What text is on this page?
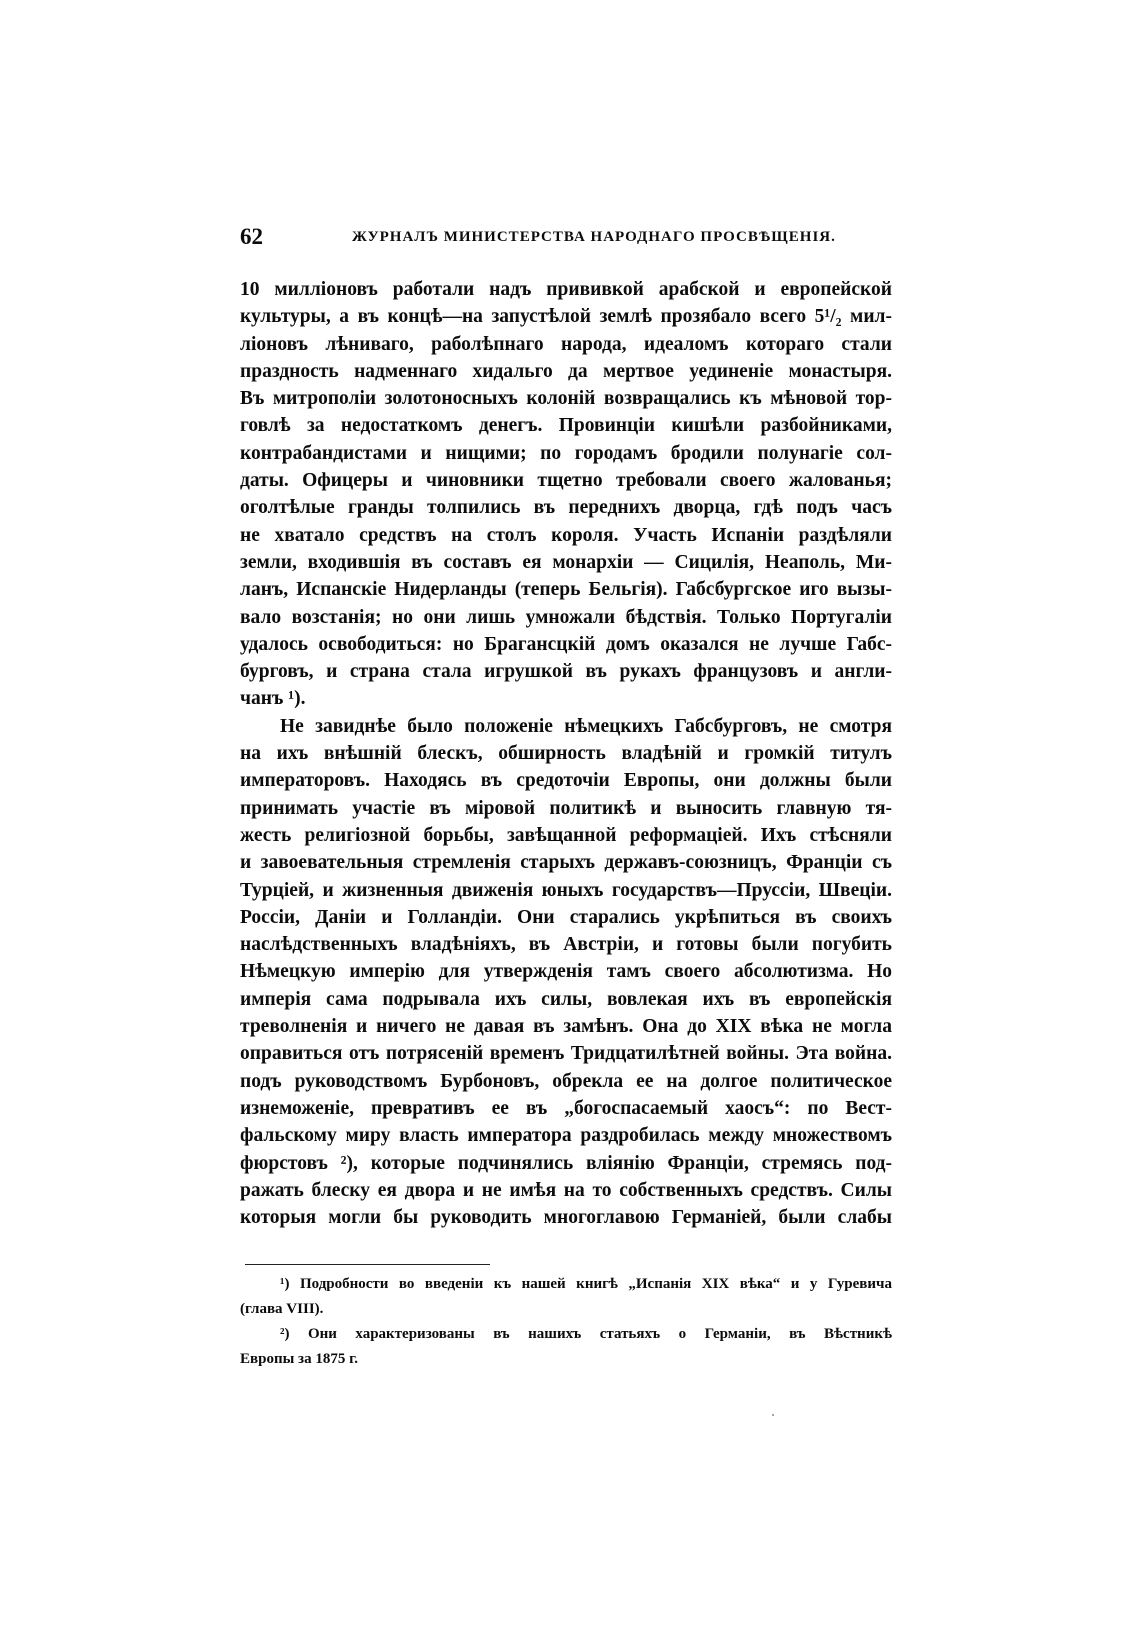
62	ЖУРНАЛЪ МИНИСТЕРСТВА НАРОДНАГО ПРОСВѢЩЕНІЯ.
10 милліоновъ работали надъ прививкой арабской и европейской
культуры, а въ концѣ—на запустѣлой землѣ прозябало всего 5¹/₂ мил-
ліоновъ лѣниваго, раболѣпнаго народа, идеаломъ котораго стали
праздность надменнаго хидальго да мертвое уединеніе монастыря.
Въ митрополіи золотоносныхъ колоній возвращались къ мѣновой тор-
говлѣ за недостаткомъ денегъ. Провинціи кишѣли разбойниками,
контрабандистами и нищими; по городамъ бродили полунагіе сол-
даты. Офицеры и чиновники тщетно требовали своего жалованья;
оголтѣлые гранды толпились въ переднихъ дворца, гдѣ подъ часъ
не хватало средствъ на столъ короля. Участь Испаніи раздѣляли
земли, входившія въ составъ ея монархіи — Сицилія, Неаполь, Ми-
ланъ, Испанскіе Нидерланды (теперь Бельгія). Габсбургское иго вызы-
вало возстанія; но они лишь умножали бѣдствія. Только Португаліи
удалось освободиться: но Брагансцкій домъ оказался не лучше Габс-
бурговъ, и страна стала игрушкой въ рукахъ французовъ и англи-
чанъ ¹).
Не завиднѣе было положеніе нѣмецкихъ Габсбурговъ, не смотря
на ихъ внѣшній блескъ, обширность владѣній и громкій титулъ
императоровъ. Находясь въ средоточіи Европы, они должны были
принимать участіе въ міровой политикѣ и выносить главную тя-
жесть религіозной борьбы, завѣщанной реформаціей. Ихъ стѣсняли
и завоевательныя стремленія старыхъ державъ-союзницъ, Франціи съ
Турціей, и жизненныя движенія юныхъ государствъ—Пруссіи, Швеціи.
Россіи, Даніи и Голландіи. Они старались укрѣпиться въ своихъ
наслѣдственныхъ владѣніяхъ, въ Австріи, и готовы были погубить
Нѣмецкую имперію для утвержденія тамъ своего абсолютизма. Но
имперія сама подрывала ихъ силы, вовлекая ихъ въ европейскія
треволненія и ничего не давая въ замѣнъ. Она до XIX вѣка не могла
оправиться отъ потрясеній временъ Тридцатилѣтней войны. Эта война.
подъ руководствомъ Бурбоновъ, обрекла ее на долгое политическое
изнеможеніе, превративъ ее въ „богоспасаемый хаосъ“: по Вест-
фальскому миру власть императора раздробилась между множествомъ
фюрстовъ ²), которые подчинялись вліянію Франціи, стремясь под-
ражать блеску ея двора и не имѣя на то собственныхъ средствъ. Силы
которыя могли бы руководить многоглавою Германіей, были слабы
¹) Подробности во введеніи къ нашей книгѣ „Испанія XIX вѣка“ и у Гуревича
(глава VIII).
²) Они характеризованы въ нашихъ статьяхъ о Германіи, въ Вѣстникѣ
Европы за 1875 г.
